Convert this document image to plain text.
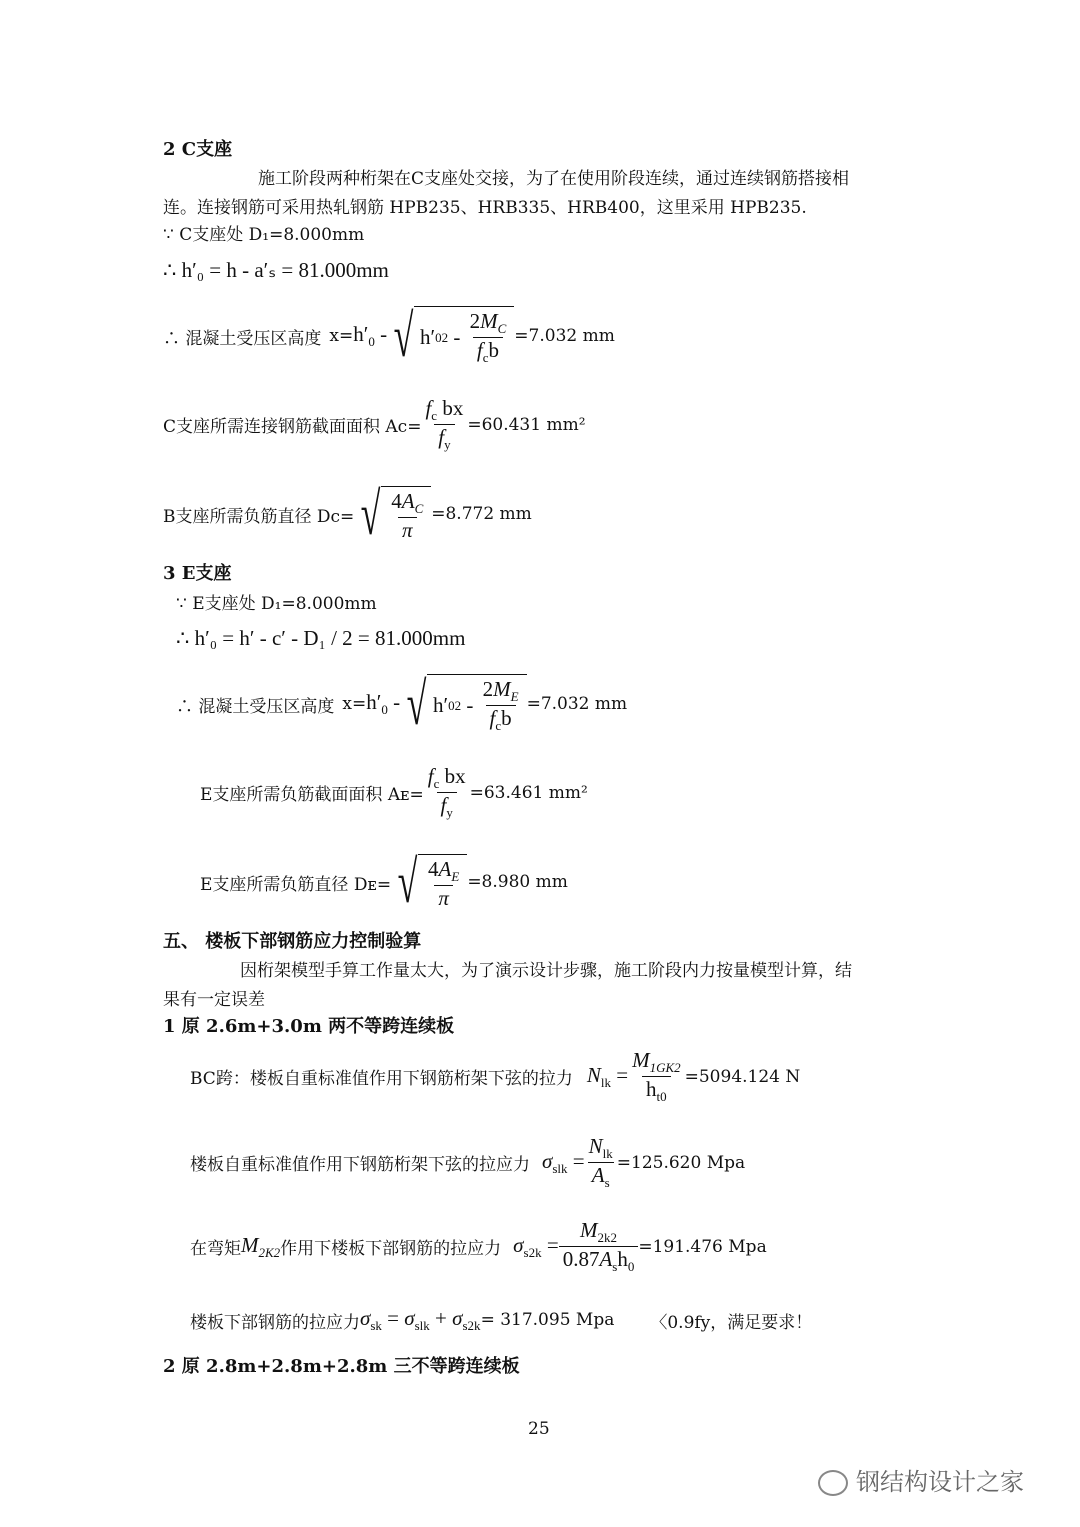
2 C支座
施工阶段两种桁架在C支座处交接，为了在使用阶段连续，通过连续钢筋搭接相
连。连接钢筋可采用热轧钢筋 HPB235、HRB335、HRB400，这里采用 HPB235.
∵ C支座处 D₁=8.000mm
∴ h′₀ = h - a′ₛ = 81.000mm
∴ 混凝土受压区高度 $x= h'_0$ - √ h′ 0 $2 - \frac{2M_C}{f_cb} =7.032$ mm
C支座所需连接钢筋截面面积 $Ac= \frac{f_c bx}{f_y} =60.431$ mm²
B支座所需负筋直径 Dc= √ $\frac{4A_C}{\pi} =8.772$ mm
3 E支座
∵ E支座处 D₁=8.000mm
∴ h′₀ = h′ - c′ - D₁ / 2 = 81.000mm
∴ 混凝土受压区高度 $x= h'_0$ - √ h′ 0 $2 - \frac{2M_E}{f_cb} =7.032$ mm
E支座所需负筋截面面积 Aᴇ= $\frac{f_c bx}{f_y} =63.461$ mm²
E支座所需负筋直径 Dᴇ= √ $\frac{4A_E}{\pi} =8.980$ mm
五、 楼板下部钢筋应力控制验算
因桁架模型手算工作量太大，为了演示设计步骤，施工阶段内力按量模型计算，结
果有一定误差
1 原 2.6m+3.0m 两不等跨连续板
BC跨：楼板自重标准值作用下钢筋桁架下弦的拉力 $N_{lk} = \frac{M_{1GK2}}{h_{t0}} =5094.124$ N
楼板自重标准值作用下钢筋桁架下弦的拉应力 $\sigma_{slk} = \frac{N_{lk}}{A_s} =125.620$ Mpa
在弯矩 $M_{2K2}$ 作用下楼板下部钢筋的拉应力 $\sigma_{s2k} = \frac{M_{2k2}}{0.87A_sh_0} =191.476$ Mpa
楼板下部钢筋的拉应力 $\sigma_{sk} = \sigma_{slk} + \sigma_{s2k} = 317.095$ Mpa 〈0.9fy，满足要求！
2 原 2.8m+2.8m+2.8m 三不等跨连续板
25
钢结构设计之家
